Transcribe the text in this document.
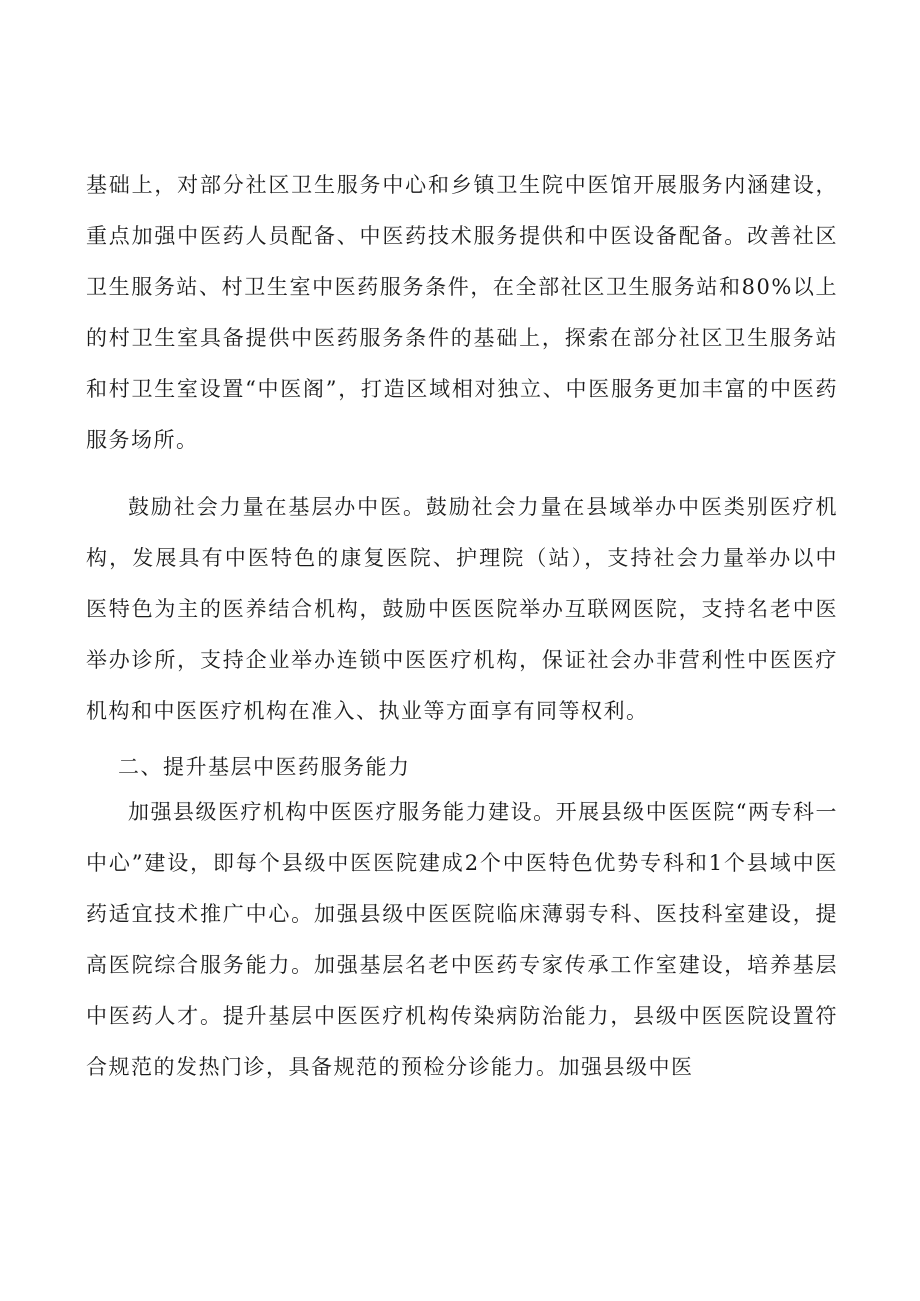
基础上，对部分社区卫生服务中心和乡镇卫生院中医馆开展服务内涵建设，重点加强中医药人员配备、中医药技术服务提供和中医设备配备。改善社区卫生服务站、村卫生室中医药服务条件，在全部社区卫生服务站和80%以上的村卫生室具备提供中医药服务条件的基础上，探索在部分社区卫生服务站和村卫生室设置“中医阁”，打造区域相对独立、中医服务更加丰富的中医药服务场所。

鼓励社会力量在基层办中医。鼓励社会力量在县域举办中医类别医疗机构，发展具有中医特色的康复医院、护理院（站），支持社会力量举办以中医特色为主的医养结合机构，鼓励中医医院举办互联网医院，支持名老中医举办诊所，支持企业举办连锁中医医疗机构，保证社会办非营利性中医医疗机构和中医医疗机构在准入、执业等方面享有同等权利。

二、提升基层中医药服务能力

加强县级医疗机构中医医疗服务能力建设。开展县级中医医院“两专科一中心”建设，即每个县级中医医院建成2个中医特色优势专科和1个县域中医药适宜技术推广中心。加强县级中医医院临床薄弱专科、医技科室建设，提高医院综合服务能力。加强基层名老中医药专家传承工作室建设，培养基层中医药人才。提升基层中医医疗机构传染病防治能力，县级中医医院设置符合规范的发热门诊，具备规范的预检分诊能力。加强县级中医
